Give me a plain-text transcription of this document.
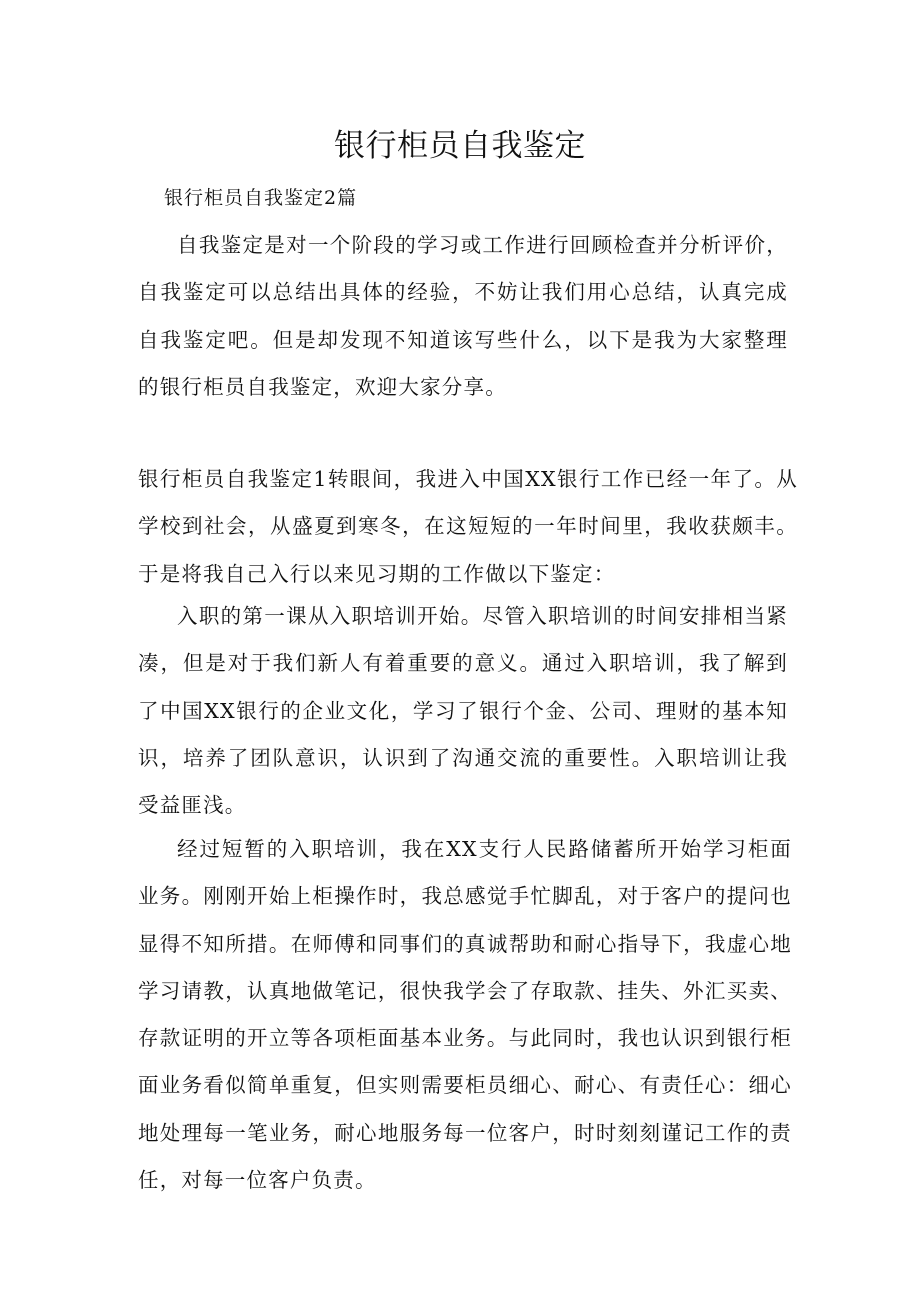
银行柜员自我鉴定

银行柜员自我鉴定2篇

自我鉴定是对一个阶段的学习或工作进行回顾检查并分析评价，自我鉴定可以总结出具体的经验，不妨让我们用心总结，认真完成自我鉴定吧。但是却发现不知道该写些什么，以下是我为大家整理的银行柜员自我鉴定，欢迎大家分享。

银行柜员自我鉴定1转眼间，我进入中国XX银行工作已经一年了。从学校到社会，从盛夏到寒冬，在这短短的一年时间里，我收获颇丰。于是将我自己入行以来见习期的工作做以下鉴定：

入职的第一课从入职培训开始。尽管入职培训的时间安排相当紧凑，但是对于我们新人有着重要的意义。通过入职培训，我了解到了中国XX银行的企业文化，学习了银行个金、公司、理财的基本知识，培养了团队意识，认识到了沟通交流的重要性。入职培训让我受益匪浅。

经过短暂的入职培训，我在XX支行人民路储蓄所开始学习柜面业务。刚刚开始上柜操作时，我总感觉手忙脚乱，对于客户的提问也显得不知所措。在师傅和同事们的真诚帮助和耐心指导下，我虚心地学习请教，认真地做笔记，很快我学会了存取款、挂失、外汇买卖、存款证明的开立等各项柜面基本业务。与此同时，我也认识到银行柜面业务看似简单重复，但实则需要柜员细心、耐心、有责任心：细心地处理每一笔业务，耐心地服务每一位客户，时时刻刻谨记工作的责任，对每一位客户负责。
